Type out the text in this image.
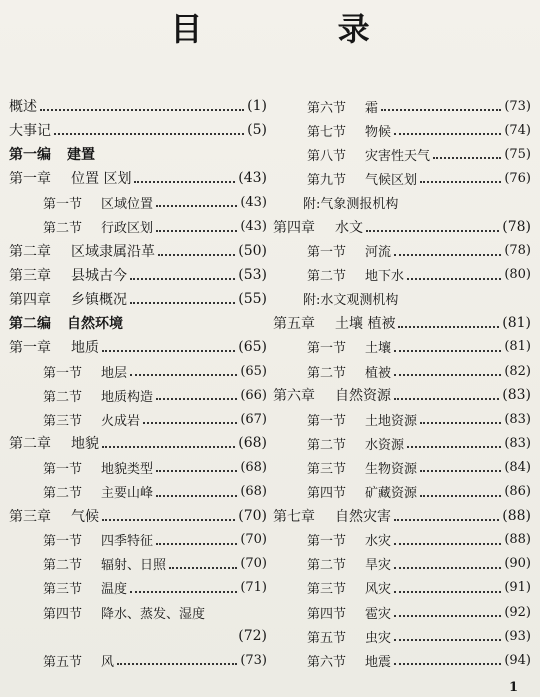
目 录
概述	(1)
大事记	(5)
第一编 建置
第一章 位置 区划	(43)
第一节 区域位置	(43)
第二节 行政区划	(43)
第二章 区域隶属沿革	(50)
第三章 县城古今	(53)
第四章 乡镇概况	(55)
第二编 自然环境
第一章 地质	(65)
第一节 地层	(65)
第二节 地质构造	(66)
第三节 火成岩	(67)
第二章 地貌	(68)
第一节 地貌类型	(68)
第二节 主要山峰	(68)
第三章 气候	(70)
第一节 四季特征	(70)
第二节 辐射、日照	(70)
第三节 温度	(71)
第四节 降水、蒸发、湿度
(72)
第五节 风	(73)
第六节 霜	(73)
第七节 物候	(74)
第八节 灾害性天气	(75)
第九节 气候区划	(76)
附:气象测报机构
第四章 水文	(78)
第一节 河流	(78)
第二节 地下水	(80)
附:水文观测机构
第五章 土壤 植被	(81)
第一节 土壤	(81)
第二节 植被	(82)
第六章 自然资源	(83)
第一节 土地资源	(83)
第二节 水资源	(83)
第三节 生物资源	(84)
第四节 矿藏资源	(86)
第七章 自然灾害	(88)
第一节 水灾	(88)
第二节 旱灾	(90)
第三节 风灾	(91)
第四节 雹灾	(92)
第五节 虫灾	(93)
第六节 地震	(94)
1
